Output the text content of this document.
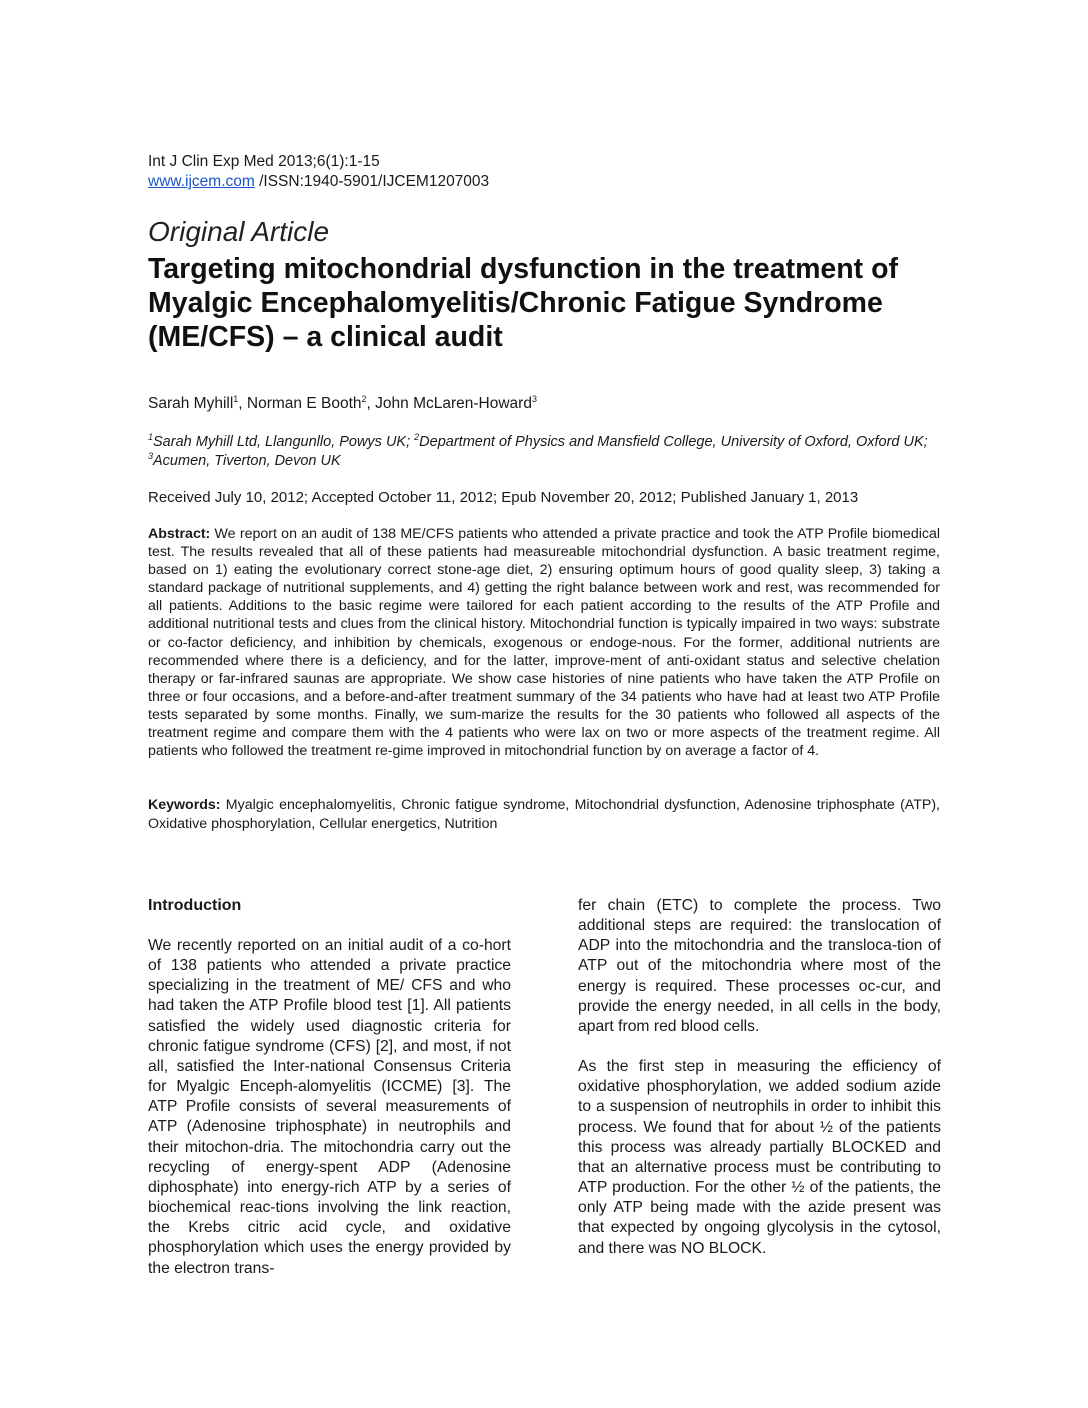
Int J Clin Exp Med 2013;6(1):1-15
www.ijcem.com /ISSN:1940-5901/IJCEM1207003
Original Article
Targeting mitochondrial dysfunction in the treatment of Myalgic Encephalomyelitis/Chronic Fatigue Syndrome (ME/CFS) – a clinical audit
Sarah Myhill$^1$, Norman E Booth$^2$, John McLaren-Howard$^3$
$^1$Sarah Myhill Ltd, Llangunllo, Powys UK; $^2$Department of Physics and Mansfield College, University of Oxford, Oxford UK; $^3$Acumen, Tiverton, Devon UK
Received July 10, 2012; Accepted October 11, 2012; Epub November 20, 2012; Published January 1, 2013
Abstract: We report on an audit of 138 ME/CFS patients who attended a private practice and took the ATP Profile biomedical test. The results revealed that all of these patients had measureable mitochondrial dysfunction. A basic treatment regime, based on 1) eating the evolutionary correct stone-age diet, 2) ensuring optimum hours of good quality sleep, 3) taking a standard package of nutritional supplements, and 4) getting the right balance between work and rest, was recommended for all patients. Additions to the basic regime were tailored for each patient according to the results of the ATP Profile and additional nutritional tests and clues from the clinical history. Mitochondrial function is typically impaired in two ways: substrate or co-factor deficiency, and inhibition by chemicals, exogenous or endoge-nous. For the former, additional nutrients are recommended where there is a deficiency, and for the latter, improve-ment of anti-oxidant status and selective chelation therapy or far-infrared saunas are appropriate. We show case histories of nine patients who have taken the ATP Profile on three or four occasions, and a before-and-after treatment summary of the 34 patients who have had at least two ATP Profile tests separated by some months. Finally, we sum-marize the results for the 30 patients who followed all aspects of the treatment regime and compare them with the 4 patients who were lax on two or more aspects of the treatment regime. All patients who followed the treatment re-gime improved in mitochondrial function by on average a factor of 4.
Keywords: Myalgic encephalomyelitis, Chronic fatigue syndrome, Mitochondrial dysfunction, Adenosine triphosphate (ATP), Oxidative phosphorylation, Cellular energetics, Nutrition
Introduction

We recently reported on an initial audit of a co-hort of 138 patients who attended a private practice specializing in the treatment of ME/ CFS and who had taken the ATP Profile blood test [1]. All patients satisfied the widely used diagnostic criteria for chronic fatigue syndrome (CFS) [2], and most, if not all, satisfied the Inter-national Consensus Criteria for Myalgic Enceph-alomyelitis (ICCME) [3]. The ATP Profile consists of several measurements of ATP (Adenosine triphosphate) in neutrophils and their mitochon-dria. The mitochondria carry out the recycling of energy-spent ADP (Adenosine diphosphate) into energy-rich ATP by a series of biochemical reac-tions involving the link reaction, the Krebs citric acid cycle, and oxidative phosphorylation which uses the energy provided by the electron trans-

fer chain (ETC) to complete the process. Two additional steps are required: the translocation of ADP into the mitochondria and the transloca-tion of ATP out of the mitochondria where most of the energy is required. These processes oc-cur, and provide the energy needed, in all cells in the body, apart from red blood cells.

As the first step in measuring the efficiency of oxidative phosphorylation, we added sodium azide to a suspension of neutrophils in order to inhibit this process. We found that for about ½ of the patients this process was already partially BLOCKED and that an alternative process must be contributing to ATP production. For the other ½ of the patients, the only ATP being made with the azide present was that expected by ongoing glycolysis in the cytosol, and there was NO BLOCK.
